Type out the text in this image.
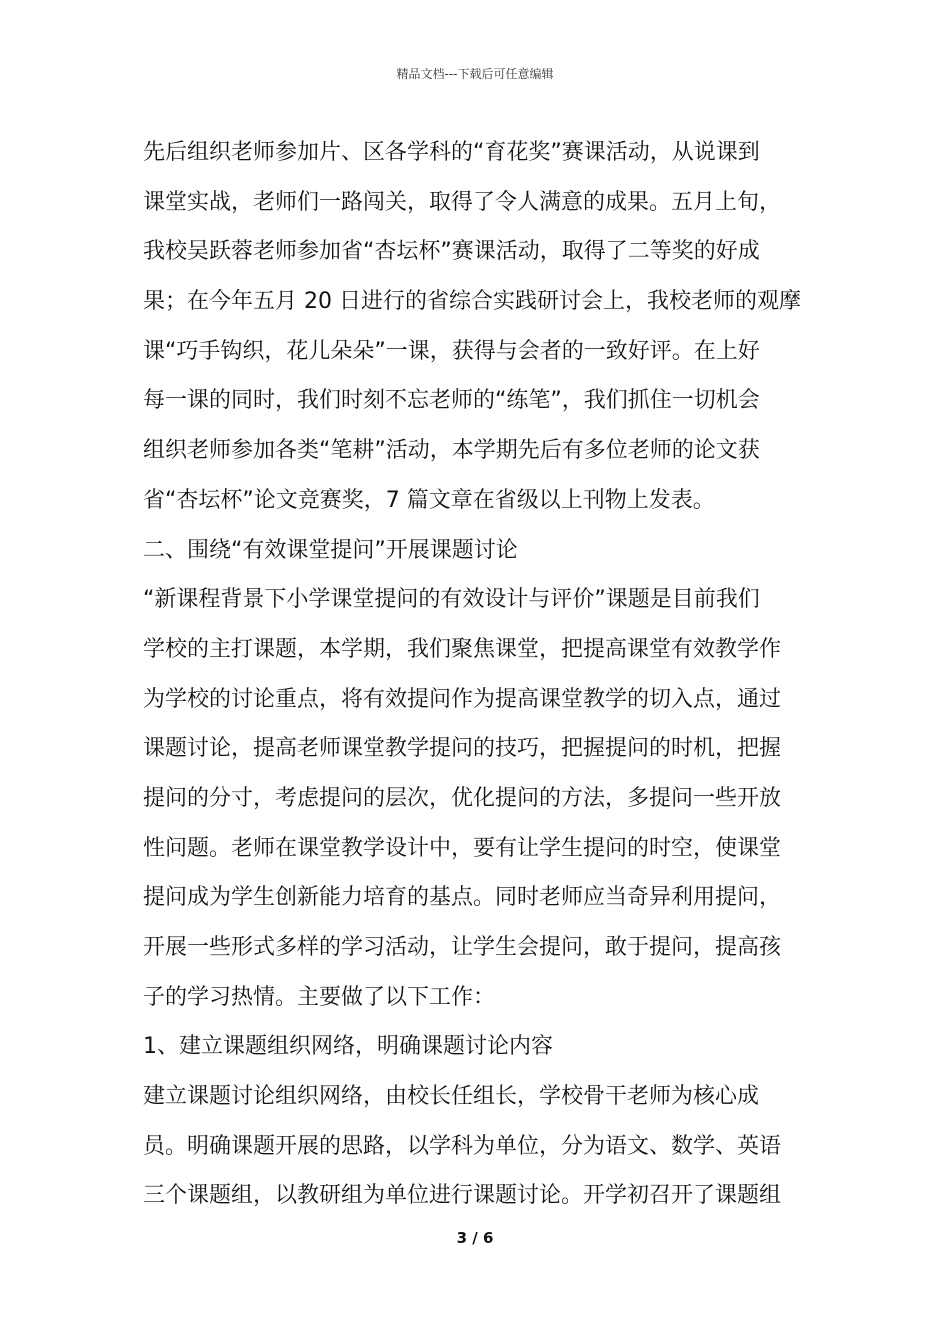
精品文档---下载后可任意编辑
先后组织老师参加片、区各学科的“育花奖”赛课活动，从说课到
课堂实战，老师们一路闯关，取得了令人满意的成果。五月上旬，
我校吴跃蓉老师参加省“杏坛杯”赛课活动，取得了二等奖的好成
果；在今年五月 20 日进行的省综合实践研讨会上，我校老师的观摩
课“巧手钩织，花儿朵朵”一课，获得与会者的一致好评。在上好
每一课的同时，我们时刻不忘老师的“练笔”，我们抓住一切机会
组织老师参加各类“笔耕”活动，本学期先后有多位老师的论文获
省“杏坛杯”论文竞赛奖，7 篇文章在省级以上刊物上发表。
二、围绕“有效课堂提问”开展课题讨论
“新课程背景下小学课堂提问的有效设计与评价”课题是目前我们
学校的主打课题，本学期，我们聚焦课堂，把提高课堂有效教学作
为学校的讨论重点，将有效提问作为提高课堂教学的切入点，通过
课题讨论，提高老师课堂教学提问的技巧，把握提问的时机，把握
提问的分寸，考虑提问的层次，优化提问的方法，多提问一些开放
性问题。老师在课堂教学设计中，要有让学生提问的时空，使课堂
提问成为学生创新能力培育的基点。同时老师应当奇异利用提问，
开展一些形式多样的学习活动，让学生会提问，敢于提问，提高孩
子的学习热情。主要做了以下工作：
1、建立课题组织网络，明确课题讨论内容
建立课题讨论组织网络，由校长任组长，学校骨干老师为核心成
员。明确课题开展的思路，以学科为单位，分为语文、数学、英语
三个课题组，以教研组为单位进行课题讨论。开学初召开了课题组
3 / 6
